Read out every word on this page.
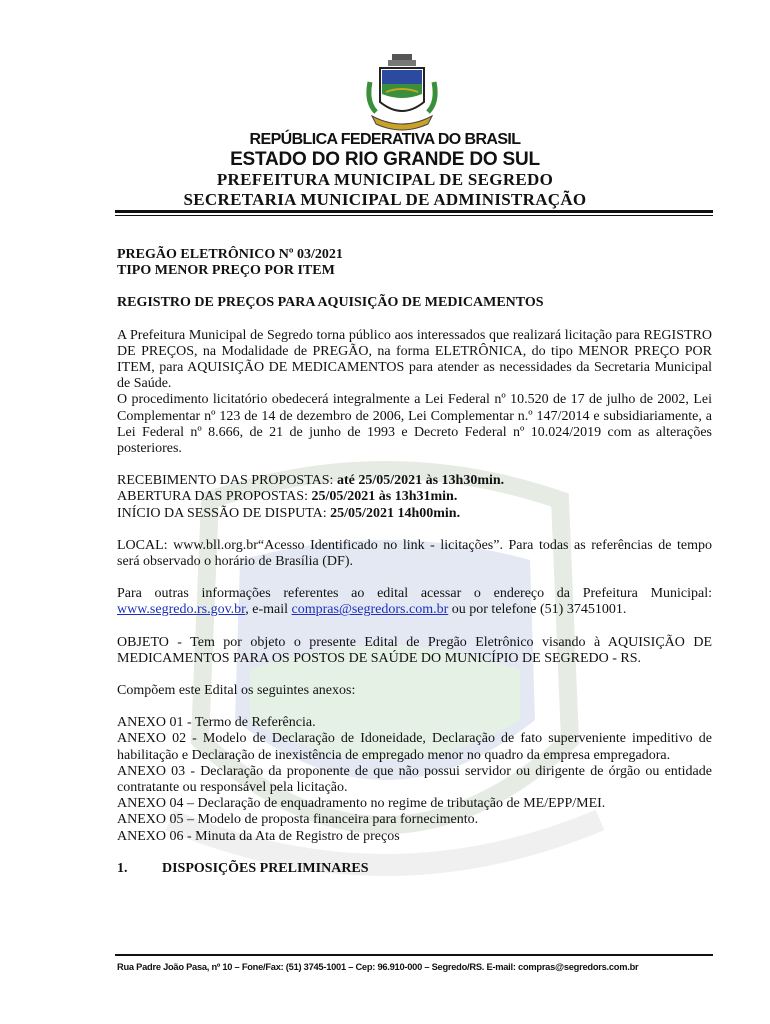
REPÚBLICA FEDERATIVA DO BRASIL
ESTADO DO RIO GRANDE DO SUL
PREFEITURA MUNICIPAL DE SEGREDO
SECRETARIA MUNICIPAL DE ADMINISTRAÇÃO

PREGÃO ELETRÔNICO Nº 03/2021

TIPO MENOR PREÇO POR ITEM

REGISTRO DE PREÇOS PARA AQUISIÇÃO DE MEDICAMENTOS

A Prefeitura Municipal de Segredo torna público aos interessados que realizará licitação para REGISTRO DE PREÇOS, na Modalidade de PREGÃO, na forma ELETRÔNICA, do tipo MENOR PREÇO POR ITEM, para AQUISIÇÃO DE MEDICAMENTOS para atender as necessidades da Secretaria Municipal de Saúde.

O procedimento licitatório obedecerá integralmente a Lei Federal nº 10.520 de 17 de julho de 2002, Lei Complementar nº 123 de 14 de dezembro de 2006, Lei Complementar n.º 147/2014 e subsidiariamente, a Lei Federal nº 8.666, de 21 de junho de 1993 e Decreto Federal nº 10.024/2019 com as alterações posteriores.

RECEBIMENTO DAS PROPOSTAS: até 25/05/2021 às 13h30min.

ABERTURA DAS PROPOSTAS: 25/05/2021 às 13h31min.

INÍCIO DA SESSÃO DE DISPUTA: 25/05/2021 14h00min.

LOCAL: www.bll.org.br“Acesso Identificado no link - licitações”. Para todas as referências de tempo será observado o horário de Brasília (DF).

Para outras informações referentes ao edital acessar o endereço da Prefeitura Municipal: www.segredo.rs.gov.br, e-mail compras@segredors.com.br ou por telefone (51) 37451001.

OBJETO - Tem por objeto o presente Edital de Pregão Eletrônico visando à AQUISIÇÃO DE MEDICAMENTOS PARA OS POSTOS DE SAÚDE DO MUNICÍPIO DE SEGREDO - RS.

Compõem este Edital os seguintes anexos:

ANEXO 01 - Termo de Referência.

ANEXO 02 - Modelo de Declaração de Idoneidade, Declaração de fato superveniente impeditivo de habilitação e Declaração de inexistência de empregado menor no quadro da empresa empregadora.

ANEXO 03 - Declaração da proponente de que não possui servidor ou dirigente de órgão ou entidade contratante ou responsável pela licitação.

ANEXO 04 – Declaração de enquadramento no regime de tributação de ME/EPP/MEI.

ANEXO 05 – Modelo de proposta financeira para fornecimento.

ANEXO 06 - Minuta da Ata de Registro de preços

1.	DISPOSIÇÕES PRELIMINARES
Rua Padre João Pasa, nº 10 – Fone/Fax: (51) 3745-1001 – Cep: 96.910-000 – Segredo/RS. E-mail: compras@segredors.com.br
